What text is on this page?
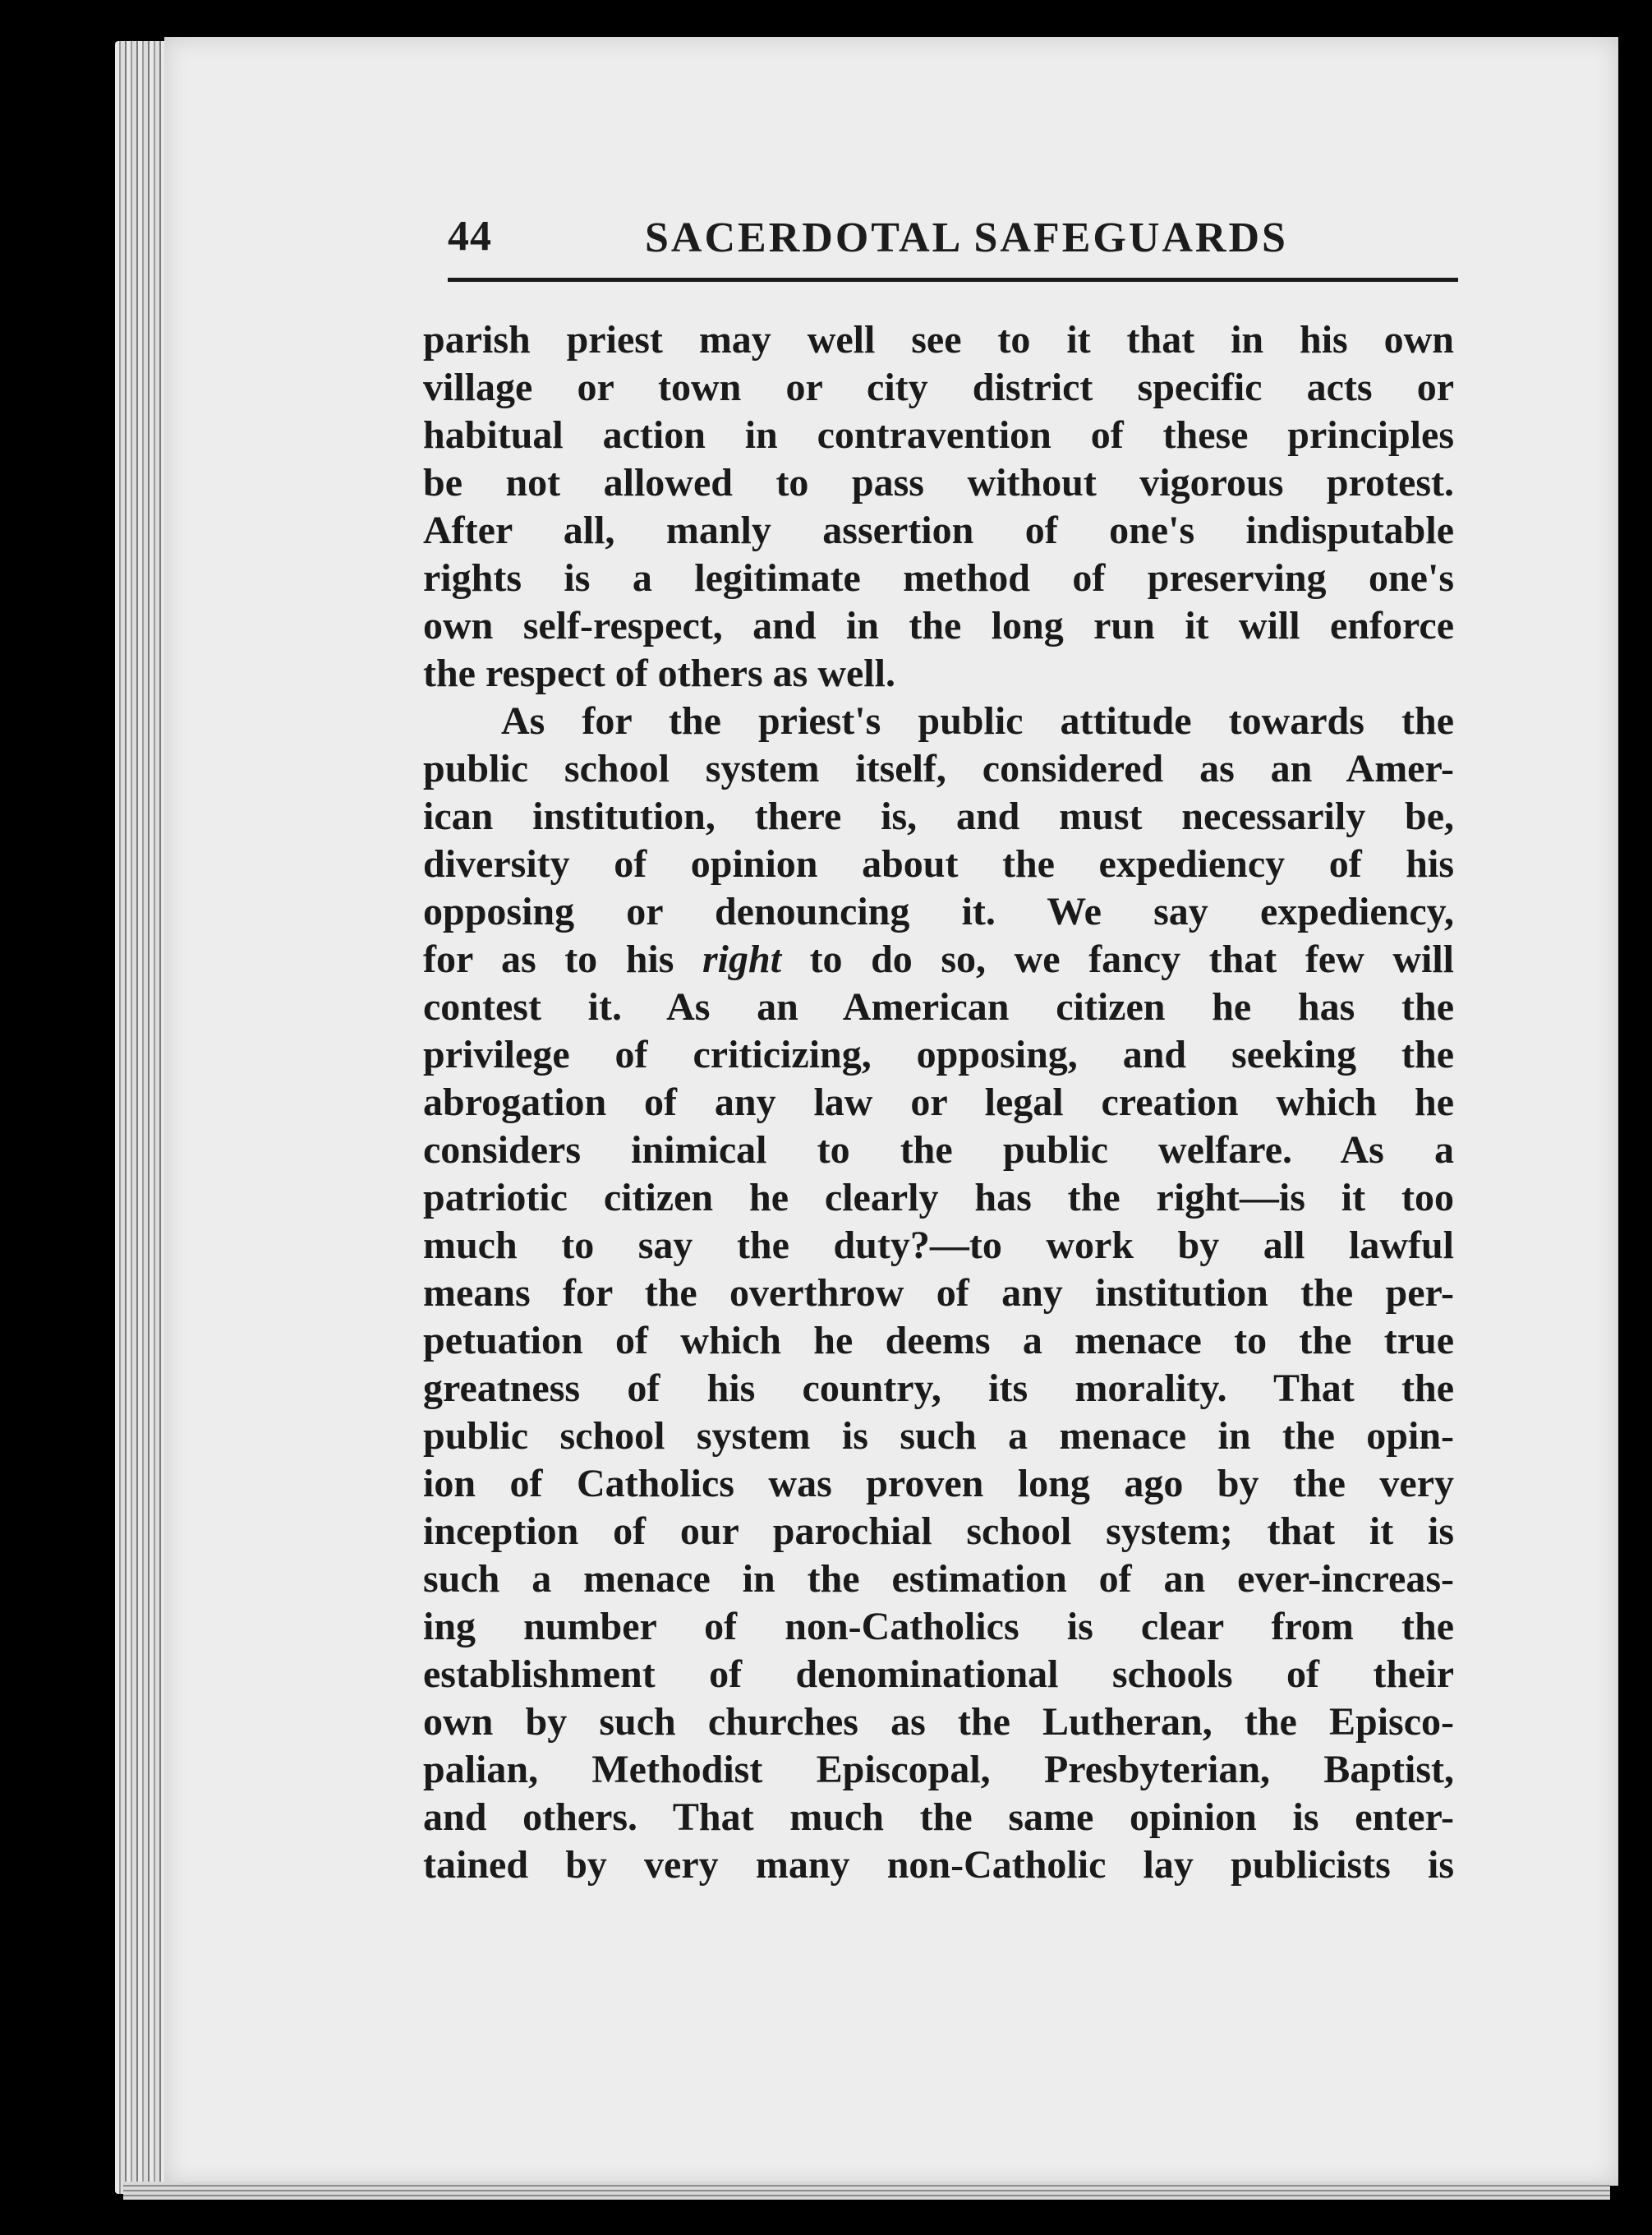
44	SACERDOTAL SAFEGUARDS
parish priest may well see to it that in his own
village or town or city district specific acts or
habitual action in contravention of these principles
be not allowed to pass without vigorous protest.
After all, manly assertion of one's indisputable
rights is a legitimate method of preserving one's
own self-respect, and in the long run it will enforce
the respect of others as well.
As for the priest's public attitude towards the
public school system itself, considered as an Amer-
ican institution, there is, and must necessarily be,
diversity of opinion about the expediency of his
opposing or denouncing it. We say expediency,
for as to his right to do so, we fancy that few will
contest it. As an American citizen he has the
privilege of criticizing, opposing, and seeking the
abrogation of any law or legal creation which he
considers inimical to the public welfare. As a
patriotic citizen he clearly has the right—is it too
much to say the duty?—to work by all lawful
means for the overthrow of any institution the per-
petuation of which he deems a menace to the true
greatness of his country, its morality. That the
public school system is such a menace in the opin-
ion of Catholics was proven long ago by the very
inception of our parochial school system; that it is
such a menace in the estimation of an ever-increas-
ing number of non-Catholics is clear from the
establishment of denominational schools of their
own by such churches as the Lutheran, the Episco-
palian, Methodist Episcopal, Presbyterian, Baptist,
and others. That much the same opinion is enter-
tained by very many non-Catholic lay publicists is
